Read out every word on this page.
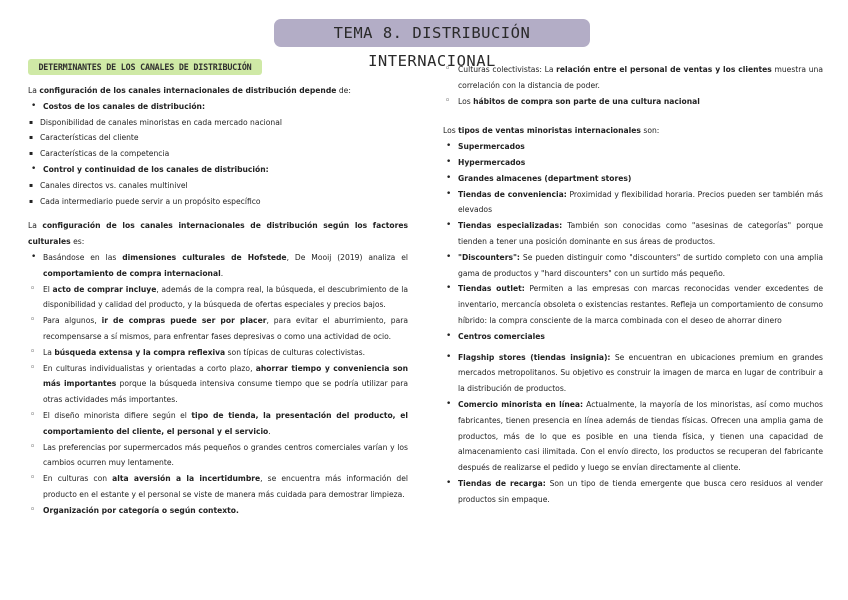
TEMA 8. DISTRIBUCIÓN INTERNACIONAL
DETERMINANTES DE LOS CANALES DE DISTRIBUCIÓN

La configuración de los canales internacionales de distribución depende de:

• Costos de los canales de distribución:
▪ Disponibilidad de canales minoristas en cada mercado nacional
▪ Características del cliente
▪ Características de la competencia
• Control y continuidad de los canales de distribución:
▪ Canales directos vs. canales multinivel
▪ Cada intermediario puede servir a un propósito específico

La configuración de los canales internacionales de distribución según los factores culturales es:

• Basándose en las dimensiones culturales de Hofstede, De Mooij (2019) analiza el comportamiento de compra internacional.
◦ El acto de comprar incluye, además de la compra real, la búsqueda, el descubrimiento de la disponibilidad y calidad del producto, y la búsqueda de ofertas especiales y precios bajos.
◦ Para algunos, ir de compras puede ser por placer, para evitar el aburrimiento, para recompensarse a sí mismos, para enfrentar fases depresivas o como una actividad de ocio.
◦ La búsqueda extensa y la compra reflexiva son típicas de culturas colectivistas.
◦ En culturas individualistas y orientadas a corto plazo, ahorrar tiempo y conveniencia son más importantes porque la búsqueda intensiva consume tiempo que se podría utilizar para otras actividades más importantes.
◦ El diseño minorista difiere según el tipo de tienda, la presentación del producto, el comportamiento del cliente, el personal y el servicio.
◦ Las preferencias por supermercados más pequeños o grandes centros comerciales varían y los cambios ocurren muy lentamente.
◦ En culturas con alta aversión a la incertidumbre, se encuentra más información del producto en el estante y el personal se viste de manera más cuidada para demostrar limpieza.
◦ Organización por categoría o según contexto.
◦ Culturas colectivistas: La relación entre el personal de ventas y los clientes muestra una correlación con la distancia de poder.
◦ Los hábitos de compra son parte de una cultura nacional

Los tipos de ventas minoristas internacionales son:

• Supermercados
• Hypermercados
• Grandes almacenes (department stores)
• Tiendas de conveniencia: Proximidad y flexibilidad horaria. Precios pueden ser también más elevados
• Tiendas especializadas: También son conocidas como "asesinas de categorías" porque tienden a tener una posición dominante en sus áreas de productos.
• "Discounters": Se pueden distinguir como "discounters" de surtido completo con una amplia gama de productos y "hard discounters" con un surtido más pequeño.
• Tiendas outlet: Permiten a las empresas con marcas reconocidas vender excedentes de inventario, mercancía obsoleta o existencias restantes. Refleja un comportamiento de consumo híbrido: la compra consciente de la marca combinada con el deseo de ahorrar dinero
• Centros comerciales
• Flagship stores (tiendas insignia): Se encuentran en ubicaciones premium en grandes mercados metropolitanos. Su objetivo es construir la imagen de marca en lugar de contribuir a la distribución de productos.
• Comercio minorista en línea: Actualmente, la mayoría de los minoristas, así como muchos fabricantes, tienen presencia en línea además de tiendas físicas. Ofrecen una amplia gama de productos, más de lo que es posible en una tienda física, y tienen una capacidad de almacenamiento casi ilimitada. Con el envío directo, los productos se recuperan del fabricante después de realizarse el pedido y luego se envían directamente al cliente.
• Tiendas de recarga: Son un tipo de tienda emergente que busca cero residuos al vender productos sin empaque.
